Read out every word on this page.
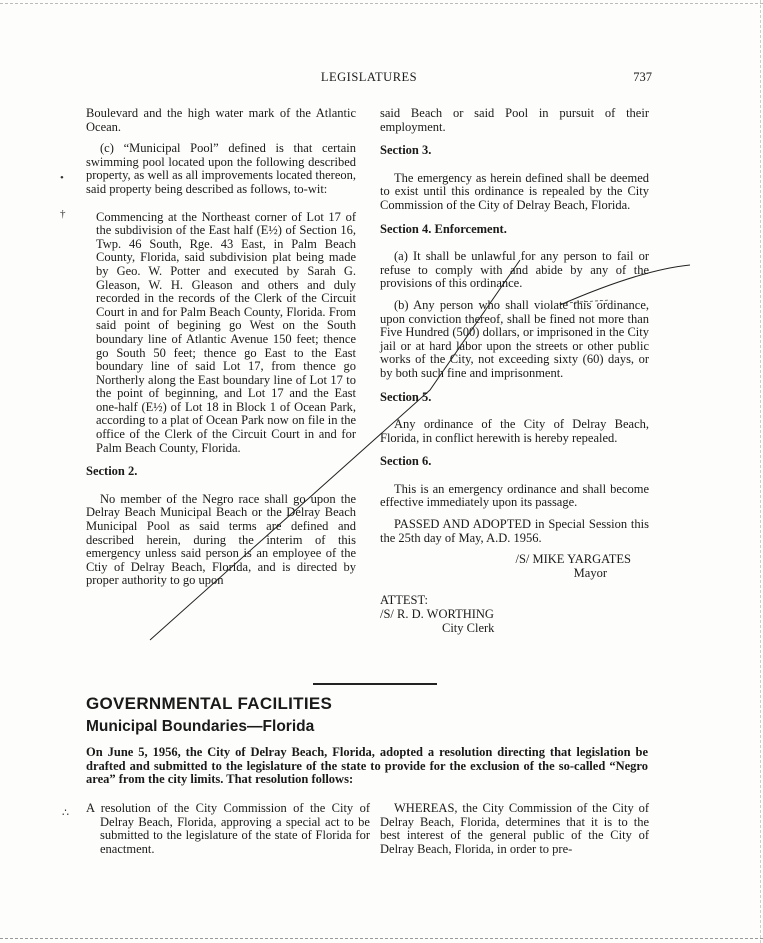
LEGISLATURES	737
•
†
∴

Boulevard and the high water mark of the Atlantic Ocean.

(c) “Municipal Pool” defined is that certain swimming pool located upon the following described property, as well as all improvements located thereon, said property being described as follows, to-wit:

Commencing at the Northeast corner of Lot 17 of the subdivision of the East half (E½) of Section 16, Twp. 46 South, Rge. 43 East, in Palm Beach County, Florida, said subdivision plat being made by Geo. W. Potter and executed by Sarah G. Gleason, W. H. Gleason and others and duly recorded in the records of the Clerk of the Circuit Court in and for Palm Beach County, Florida. From said point of begining go West on the South boundary line of Atlantic Avenue 150 feet; thence go South 50 feet; thence go East to the East boundary line of said Lot 17, from thence go Northerly along the East boundary line of Lot 17 to the point of beginning, and Lot 17 and the East one-half (E½) of Lot 18 in Block 1 of Ocean Park, according to a plat of Ocean Park now on file in the office of the Clerk of the Circuit Court in and for Palm Beach County, Florida.

Section 2.

No member of the Negro race shall go upon the Delray Beach Municipal Beach or the Delray Beach Municipal Pool as said terms are defined and described herein, during the interim of this emergency unless said person is an employee of the Ctiy of Delray Beach, Florida, and is directed by proper authority to go upon

said Beach or said Pool in pursuit of their employment.

Section 3.

The emergency as herein defined shall be deemed to exist until this ordinance is repealed by the City Commission of the City of Delray Beach, Florida.

Section 4. Enforcement.

(a) It shall be unlawful for any person to fail or refuse to comply with and abide by any of the provisions of this ordinance.

(b) Any person who shall violate this ordinance, upon conviction thereof, shall be fined not more than Five Hundred (500) dollars, or imprisoned in the City jail or at hard labor upon the streets or other public works of the City, not exceeding sixty (60) days, or by both such fine and imprisonment.

Section 5.

Any ordinance of the City of Delray Beach, Florida, in conflict herewith is hereby repealed.

Section 6.

This is an emergency ordinance and shall become effective immediately upon its passage.

PASSED AND ADOPTED in Special Session this the 25th day of May, A.D. 1956.

/S/ MIKE YARGATES

Mayor

ATTEST:

/S/ R. D. WORTHING

City Clerk

GOVERNMENTAL FACILITIES
Municipal Boundaries—Florida
On June 5, 1956, the City of Delray Beach, Florida, adopted a resolution directing that legislation be drafted and submitted to the legislature of the state to provide for the exclusion of the so-called “Negro area” from the city limits. That resolution follows:

A resolution of the City Commission of the City of Delray Beach, Florida, approving a special act to be submitted to the legislature of the state of Florida for enactment.

WHEREAS, the City Commission of the City of Delray Beach, Florida, determines that it is to the best interest of the general public of the City of Delray Beach, Florida, in order to pre-
